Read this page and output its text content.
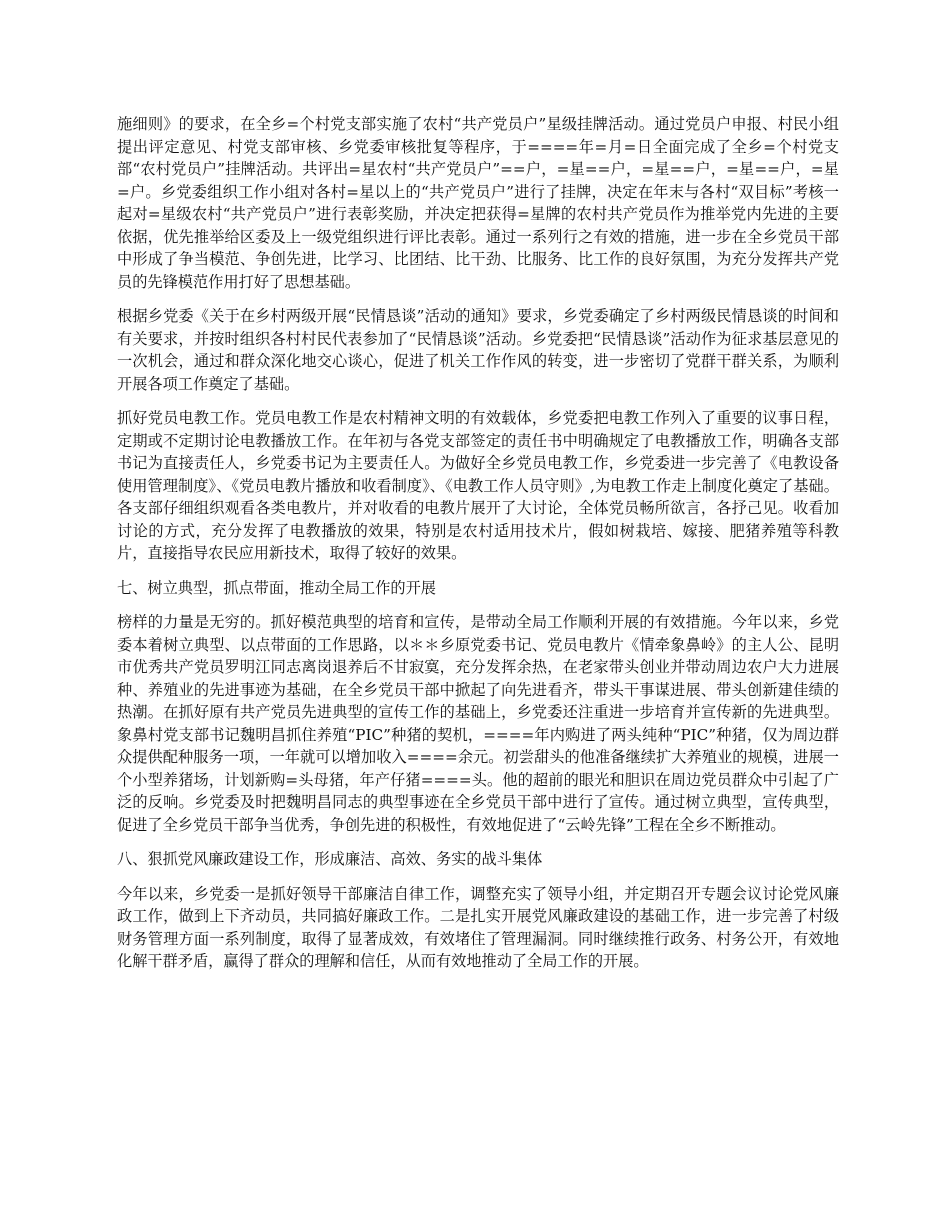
施细则》的要求，在全乡=个村党支部实施了农村“共产党员户”星级挂牌活动。通过党员户申报、村民小组提出评定意见、村党支部审核、乡党委审核批复等程序，于====年=月=日全面完成了全乡=个村党支部“农村党员户”挂牌活动。共评出=星农村“共产党员户”==户，=星==户，=星==户，=星==户，=星=户。乡党委组织工作小组对各村=星以上的“共产党员户”进行了挂牌，决定在年末与各村“双目标”考核一起对=星级农村“共产党员户”进行表彰奖励，并决定把获得=星牌的农村共产党员作为推举党内先进的主要依据，优先推举给区委及上一级党组织进行评比表彰。通过一系列行之有效的措施，进一步在全乡党员干部中形成了争当模范、争创先进，比学习、比团结、比干劲、比服务、比工作的良好氛围，为充分发挥共产党员的先锋模范作用打好了思想基础。

根据乡党委《关于在乡村两级开展“民情恳谈”活动的通知》要求，乡党委确定了乡村两级民情恳谈的时间和有关要求，并按时组织各村村民代表参加了“民情恳谈”活动。乡党委把“民情恳谈”活动作为征求基层意见的一次机会，通过和群众深化地交心谈心，促进了机关工作作风的转变，进一步密切了党群干群关系，为顺利开展各项工作奠定了基础。

抓好党员电教工作。党员电教工作是农村精神文明的有效载体，乡党委把电教工作列入了重要的议事日程，定期或不定期讨论电教播放工作。在年初与各党支部签定的责任书中明确规定了电教播放工作，明确各支部书记为直接责任人，乡党委书记为主要责任人。为做好全乡党员电教工作，乡党委进一步完善了《电教设备使用管理制度》、《党员电教片播放和收看制度》、《电教工作人员守则》,为电教工作走上制度化奠定了基础。各支部仔细组织观看各类电教片，并对收看的电教片展开了大讨论，全体党员畅所欲言，各抒己见。收看加讨论的方式，充分发挥了电教播放的效果，特别是农村适用技术片，假如树栽培、嫁接、肥猪养殖等科教片，直接指导农民应用新技术，取得了较好的效果。

七、树立典型，抓点带面，推动全局工作的开展

榜样的力量是无穷的。抓好模范典型的培育和宣传，是带动全局工作顺利开展的有效措施。今年以来，乡党委本着树立典型、以点带面的工作思路，以＊＊乡原党委书记、党员电教片《情牵象鼻岭》的主人公、昆明市优秀共产党员罗明江同志离岗退养后不甘寂寞，充分发挥余热，在老家带头创业并带动周边农户大力进展种、养殖业的先进事迹为基础，在全乡党员干部中掀起了向先进看齐，带头干事谋进展、带头创新建佳绩的热潮。在抓好原有共产党员先进典型的宣传工作的基础上，乡党委还注重进一步培育并宣传新的先进典型。象鼻村党支部书记魏明昌抓住养殖“PIC”种猪的契机，====年内购进了两头纯种“PIC”种猪，仅为周边群众提供配种服务一项，一年就可以增加收入====余元。初尝甜头的他准备继续扩大养殖业的规模，进展一个小型养猪场，计划新购=头母猪，年产仔猪====头。他的超前的眼光和胆识在周边党员群众中引起了广泛的反响。乡党委及时把魏明昌同志的典型事迹在全乡党员干部中进行了宣传。通过树立典型，宣传典型，促进了全乡党员干部争当优秀，争创先进的积极性，有效地促进了“云岭先锋”工程在全乡不断推动。

八、狠抓党风廉政建设工作，形成廉洁、高效、务实的战斗集体

今年以来，乡党委一是抓好领导干部廉洁自律工作，调整充实了领导小组，并定期召开专题会议讨论党风廉政工作，做到上下齐动员，共同搞好廉政工作。二是扎实开展党风廉政建设的基础工作，进一步完善了村级财务管理方面一系列制度，取得了显著成效，有效堵住了管理漏洞。同时继续推行政务、村务公开，有效地化解干群矛盾，赢得了群众的理解和信任，从而有效地推动了全局工作的开展。
